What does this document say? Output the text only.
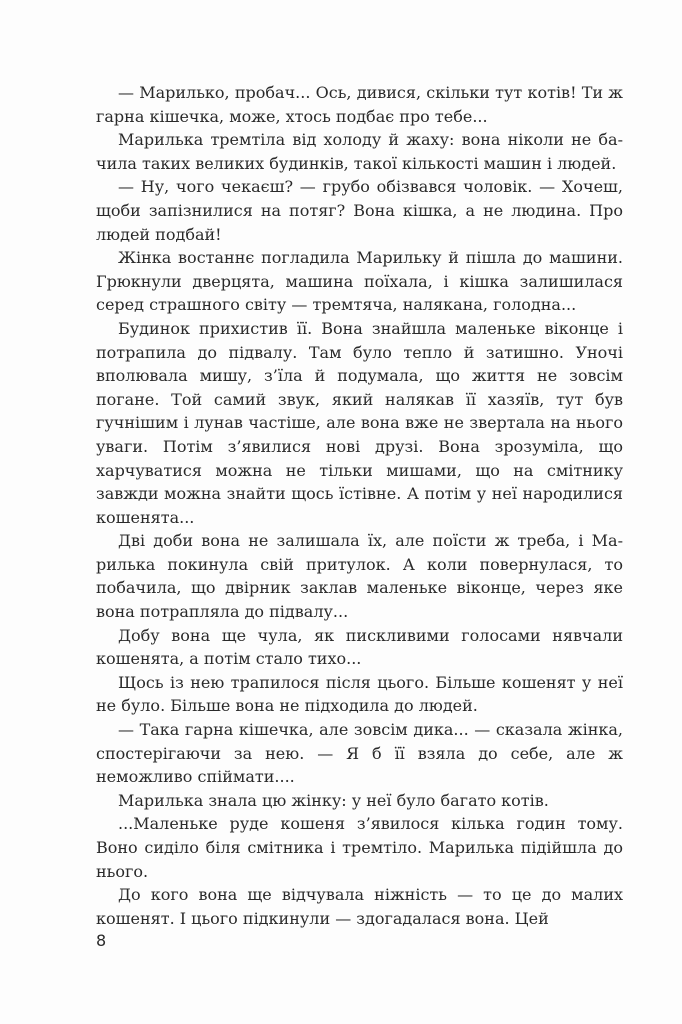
— Марилько, пробач... Ось, дивися, скільки тут котів! Ти ж гарна кішечка, може, хтось подбає про тебе...

Марилька тремтіла від холоду й жаху: вона ніколи не бачила таких великих будинків, такої кількості машин і людей.

— Ну, чого чекаєш? — грубо обізвався чоловік. — Хочеш, щоби запізнилися на потяг? Вона кішка, а не людина. Про людей подбай!

Жінка востаннє погладила Марильку й пішла до машини. Грюкнули дверцята, машина поїхала, і кішка залишилася серед страшного світу — тремтяча, налякана, голодна...

Будинок прихистив її. Вона знайшла маленьке віконце і потрапила до підвалу. Там було тепло й затишно. Уночі вполювала мишу, з’їла й подумала, що життя не зовсім погане. Той самий звук, який налякав її хазяїв, тут був гучнішим і лунав частіше, але вона вже не звертала на нього уваги. Потім з’явилися нові друзі. Вона зрозуміла, що харчуватися можна не тільки мишами, що на смітнику завжди можна знайти щось їстівне. А потім у неї народилися кошенята...

Дві доби вона не залишала їх, але поїсти ж треба, і Марилька покинула свій притулок. А коли повернулася, то побачила, що двірник заклав маленьке віконце, через яке вона потрапляла до підвалу...

Добу вона ще чула, як пискливими голосами нявчали кошенята, а потім стало тихо...

Щось із нею трапилося після цього. Більше кошенят у неї не було. Більше вона не підходила до людей.

— Така гарна кішечка, але зовсім дика... — сказала жінка, спостерігаючи за нею. — Я б її взяла до себе, але ж неможливо спіймати....

Марилька знала цю жінку: у неї було багато котів.

...Маленьке руде кошеня з’явилося кілька годин тому. Воно сиділо біля смітника і тремтіло. Марилька підійшла до нього.

До кого вона ще відчувала ніжність — то це до малих кошенят. І цього підкинули — здогадалася вона. Цей

8
